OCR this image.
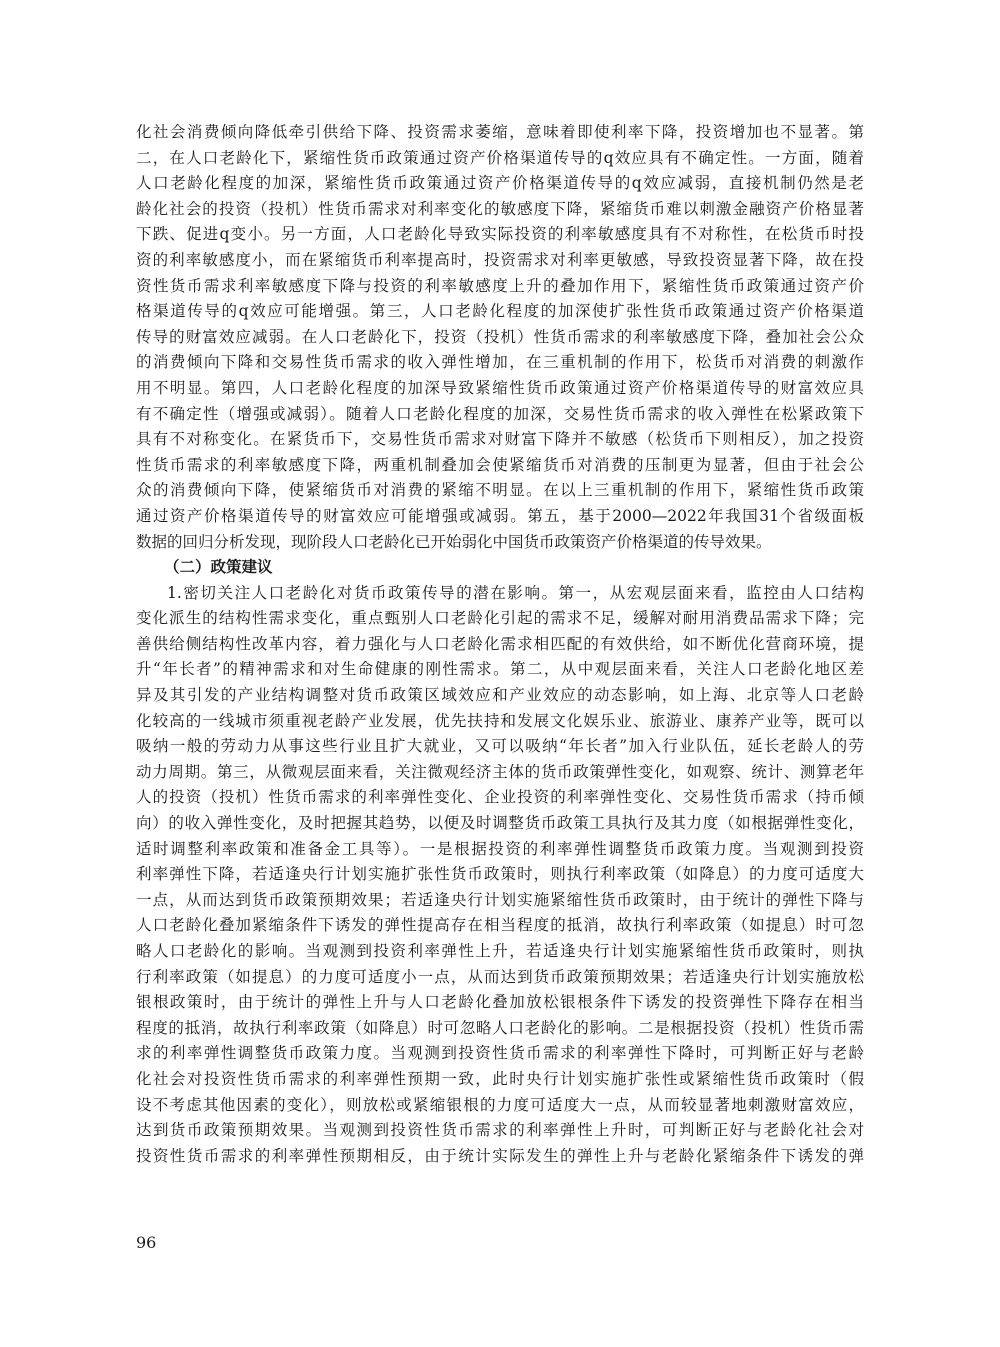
化社会消费倾向降低牵引供给下降、投资需求萎缩，意味着即使利率下降，投资增加也不显著。第
二，在人口老龄化下，紧缩性货币政策通过资产价格渠道传导的q效应具有不确定性。一方面，随着
人口老龄化程度的加深，紧缩性货币政策通过资产价格渠道传导的q效应减弱，直接机制仍然是老
龄化社会的投资（投机）性货币需求对利率变化的敏感度下降，紧缩货币难以刺激金融资产价格显著
下跌、促进q变小。另一方面，人口老龄化导致实际投资的利率敏感度具有不对称性，在松货币时投
资的利率敏感度小，而在紧缩货币利率提高时，投资需求对利率更敏感，导致投资显著下降，故在投
资性货币需求利率敏感度下降与投资的利率敏感度上升的叠加作用下，紧缩性货币政策通过资产价
格渠道传导的q效应可能增强。第三，人口老龄化程度的加深使扩张性货币政策通过资产价格渠道
传导的财富效应减弱。在人口老龄化下，投资（投机）性货币需求的利率敏感度下降，叠加社会公众
的消费倾向下降和交易性货币需求的收入弹性增加，在三重机制的作用下，松货币对消费的刺激作
用不明显。第四，人口老龄化程度的加深导致紧缩性货币政策通过资产价格渠道传导的财富效应具
有不确定性（增强或减弱）。随着人口老龄化程度的加深，交易性货币需求的收入弹性在松紧政策下
具有不对称变化。在紧货币下，交易性货币需求对财富下降并不敏感（松货币下则相反），加之投资
性货币需求的利率敏感度下降，两重机制叠加会使紧缩货币对消费的压制更为显著，但由于社会公
众的消费倾向下降，使紧缩货币对消费的紧缩不明显。在以上三重机制的作用下，紧缩性货币政策
通过资产价格渠道传导的财富效应可能增强或减弱。第五，基于2000—2022年我国31个省级面板
数据的回归分析发现，现阶段人口老龄化已开始弱化中国货币政策资产价格渠道的传导效果。
（二）政策建议
1.密切关注人口老龄化对货币政策传导的潜在影响。第一，从宏观层面来看，监控由人口结构
变化派生的结构性需求变化，重点甄别人口老龄化引起的需求不足，缓解对耐用消费品需求下降；完
善供给侧结构性改革内容，着力强化与人口老龄化需求相匹配的有效供给，如不断优化营商环境，提
升“年长者”的精神需求和对生命健康的刚性需求。第二，从中观层面来看，关注人口老龄化地区差
异及其引发的产业结构调整对货币政策区域效应和产业效应的动态影响，如上海、北京等人口老龄
化较高的一线城市须重视老龄产业发展，优先扶持和发展文化娱乐业、旅游业、康养产业等，既可以
吸纳一般的劳动力从事这些行业且扩大就业，又可以吸纳“年长者”加入行业队伍，延长老龄人的劳
动力周期。第三，从微观层面来看，关注微观经济主体的货币政策弹性变化，如观察、统计、测算老年
人的投资（投机）性货币需求的利率弹性变化、企业投资的利率弹性变化、交易性货币需求（持币倾
向）的收入弹性变化，及时把握其趋势，以便及时调整货币政策工具执行及其力度（如根据弹性变化，
适时调整利率政策和准备金工具等）。一是根据投资的利率弹性调整货币政策力度。当观测到投资
利率弹性下降，若适逢央行计划实施扩张性货币政策时，则执行利率政策（如降息）的力度可适度大
一点，从而达到货币政策预期效果；若适逢央行计划实施紧缩性货币政策时，由于统计的弹性下降与
人口老龄化叠加紧缩条件下诱发的弹性提高存在相当程度的抵消，故执行利率政策（如提息）时可忽
略人口老龄化的影响。当观测到投资利率弹性上升，若适逢央行计划实施紧缩性货币政策时，则执
行利率政策（如提息）的力度可适度小一点，从而达到货币政策预期效果；若适逢央行计划实施放松
银根政策时，由于统计的弹性上升与人口老龄化叠加放松银根条件下诱发的投资弹性下降存在相当
程度的抵消，故执行利率政策（如降息）时可忽略人口老龄化的影响。二是根据投资（投机）性货币需
求的利率弹性调整货币政策力度。当观测到投资性货币需求的利率弹性下降时，可判断正好与老龄
化社会对投资性货币需求的利率弹性预期一致，此时央行计划实施扩张性或紧缩性货币政策时（假
设不考虑其他因素的变化），则放松或紧缩银根的力度可适度大一点，从而较显著地刺激财富效应，
达到货币政策预期效果。当观测到投资性货币需求的利率弹性上升时，可判断正好与老龄化社会对
投资性货币需求的利率弹性预期相反，由于统计实际发生的弹性上升与老龄化紧缩条件下诱发的弹
96
